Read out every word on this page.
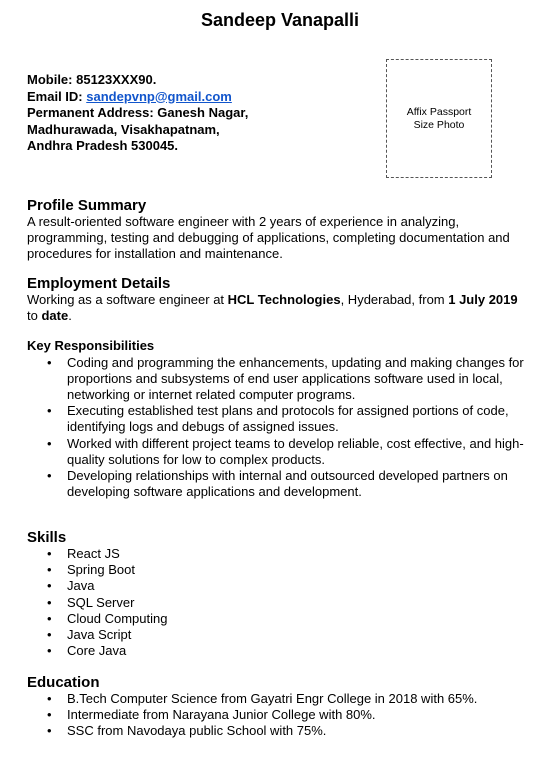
Sandeep Vanapalli
Mobile: 85123XXX90.
Email ID: sandepvnp@gmail.com
Permanent Address: Ganesh Nagar,
Madhurawada, Visakhapatnam,
Andhra Pradesh 530045.
Affix Passport
Size Photo
Profile Summary

A result-oriented software engineer with 2 years of experience in analyzing, programming, testing and debugging of applications, completing documentation and procedures for installation and maintenance.

Employment Details

Working as a software engineer at HCL Technologies, Hyderabad, from 1 July 2019 to date.

Key Responsibilities
• Coding and programming the enhancements, updating and making changes for proportions and subsystems of end user applications software used in local, networking or internet related computer programs.
• Executing established test plans and protocols for assigned portions of code, identifying logs and debugs of assigned issues.
• Worked with different project teams to develop reliable, cost effective, and high-quality solutions for low to complex products.
• Developing relationships with internal and outsourced developed partners on developing software applications and development.
Skills
• React JS
• Spring Boot
• Java
• SQL Server
• Cloud Computing
• Java Script
• Core Java
Education
• B.Tech Computer Science from Gayatri Engr College in 2018 with 65%.
• Intermediate from Narayana Junior College with 80%.
• SSC from Navodaya public School with 75%.
